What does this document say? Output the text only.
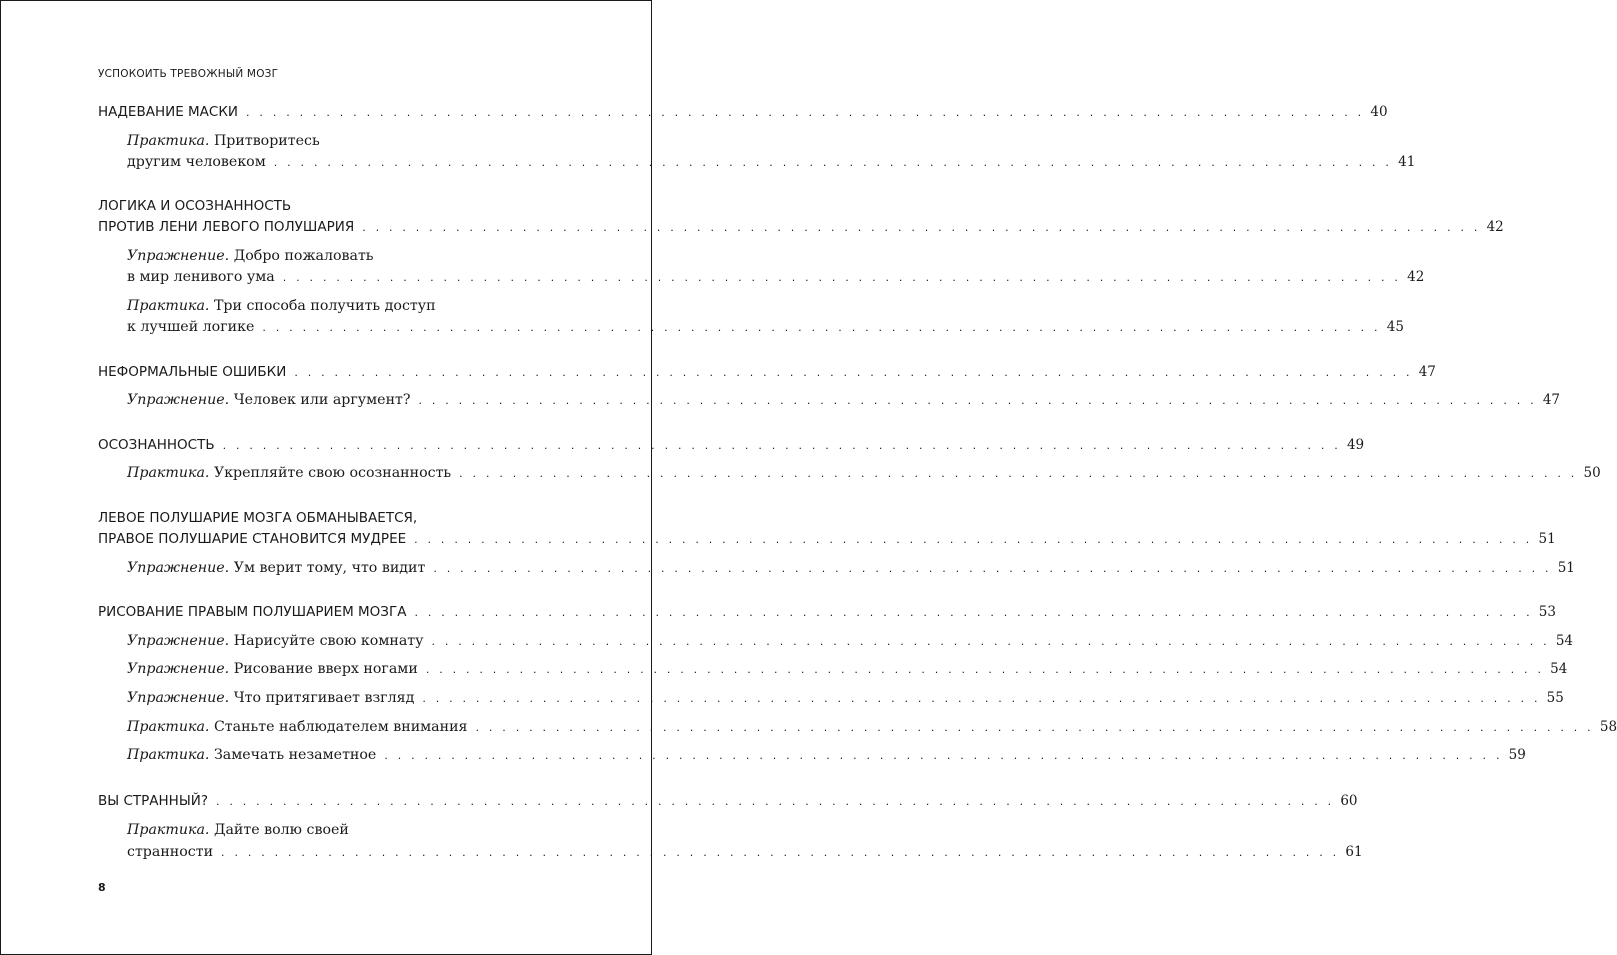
УСПОКОИТЬ ТРЕВОЖНЫЙ МОЗГ
НАДЕВАНИЕ МАСКИ . . . . . . . . . . . . . . . . . . . . . . . . . . . . . . . . . . . . . . . . . . . . . . . . . . . . . . . . . . . . . . . . . . . . . . . . . . . . . . . . . . . . 40
Практика. Притворитесь
другим человеком . . . . . . . . . . . . . . . . . . . . . . . . . . . . . . . . . . . . . . . . . . . . . . . . . . . . . . . . . . . . . . . . . . . . . . . . . . . . . . . . . . . . 41
ЛОГИКА И ОСОЗНАННОСТЬ
ПРОТИВ ЛЕНИ ЛЕВОГО ПОЛУШАРИЯ . . . . . . . . . . . . . . . . . . . . . . . . . . . . . . . . . . . . . . . . . . . . . . . . . . . . . . . . . . . . . . . . . . . . . . . . . . . . . . . . . . . . 42
Упражнение. Добро пожаловать
в мир ленивого ума . . . . . . . . . . . . . . . . . . . . . . . . . . . . . . . . . . . . . . . . . . . . . . . . . . . . . . . . . . . . . . . . . . . . . . . . . . . . . . . . . . . . 42
Практика. Три способа получить доступ
к лучшей логике . . . . . . . . . . . . . . . . . . . . . . . . . . . . . . . . . . . . . . . . . . . . . . . . . . . . . . . . . . . . . . . . . . . . . . . . . . . . . . . . . . . . 45
НЕФОРМАЛЬНЫЕ ОШИБКИ . . . . . . . . . . . . . . . . . . . . . . . . . . . . . . . . . . . . . . . . . . . . . . . . . . . . . . . . . . . . . . . . . . . . . . . . . . . . . . . . . . . . 47
Упражнение. Человек или аргумент? . . . . . . . . . . . . . . . . . . . . . . . . . . . . . . . . . . . . . . . . . . . . . . . . . . . . . . . . . . . . . . . . . . . . . . . . . . . . . . . . . . . . 47
ОСОЗНАННОСТЬ . . . . . . . . . . . . . . . . . . . . . . . . . . . . . . . . . . . . . . . . . . . . . . . . . . . . . . . . . . . . . . . . . . . . . . . . . . . . . . . . . . . . 49
Практика. Укрепляйте свою осознанность . . . . . . . . . . . . . . . . . . . . . . . . . . . . . . . . . . . . . . . . . . . . . . . . . . . . . . . . . . . . . . . . . . . . . . . . . . . . . . . . . . . . 50
ЛЕВОЕ ПОЛУШАРИЕ МОЗГА ОБМАНЫВАЕТСЯ,
ПРАВОЕ ПОЛУШАРИЕ СТАНОВИТСЯ МУДРЕЕ . . . . . . . . . . . . . . . . . . . . . . . . . . . . . . . . . . . . . . . . . . . . . . . . . . . . . . . . . . . . . . . . . . . . . . . . . . . . . . . . . . . . 51
Упражнение. Ум верит тому, что видит . . . . . . . . . . . . . . . . . . . . . . . . . . . . . . . . . . . . . . . . . . . . . . . . . . . . . . . . . . . . . . . . . . . . . . . . . . . . . . . . . . . . 51
РИСОВАНИЕ ПРАВЫМ ПОЛУШАРИЕМ МОЗГА . . . . . . . . . . . . . . . . . . . . . . . . . . . . . . . . . . . . . . . . . . . . . . . . . . . . . . . . . . . . . . . . . . . . . . . . . . . . . . . . . . . . 53
Упражнение. Нарисуйте свою комнату . . . . . . . . . . . . . . . . . . . . . . . . . . . . . . . . . . . . . . . . . . . . . . . . . . . . . . . . . . . . . . . . . . . . . . . . . . . . . . . . . . . . 54
Упражнение. Рисование вверх ногами . . . . . . . . . . . . . . . . . . . . . . . . . . . . . . . . . . . . . . . . . . . . . . . . . . . . . . . . . . . . . . . . . . . . . . . . . . . . . . . . . . . . 54
Упражнение. Что притягивает взгляд . . . . . . . . . . . . . . . . . . . . . . . . . . . . . . . . . . . . . . . . . . . . . . . . . . . . . . . . . . . . . . . . . . . . . . . . . . . . . . . . . . . . 55
Практика. Станьте наблюдателем внимания . . . . . . . . . . . . . . . . . . . . . . . . . . . . . . . . . . . . . . . . . . . . . . . . . . . . . . . . . . . . . . . . . . . . . . . . . . . . . . . . . . . . 58
Практика. Замечать незаметное . . . . . . . . . . . . . . . . . . . . . . . . . . . . . . . . . . . . . . . . . . . . . . . . . . . . . . . . . . . . . . . . . . . . . . . . . . . . . . . . . . . . 59
ВЫ СТРАННЫЙ? . . . . . . . . . . . . . . . . . . . . . . . . . . . . . . . . . . . . . . . . . . . . . . . . . . . . . . . . . . . . . . . . . . . . . . . . . . . . . . . . . . . . 60
Практика. Дайте волю своей
странности . . . . . . . . . . . . . . . . . . . . . . . . . . . . . . . . . . . . . . . . . . . . . . . . . . . . . . . . . . . . . . . . . . . . . . . . . . . . . . . . . . . . 61
8
